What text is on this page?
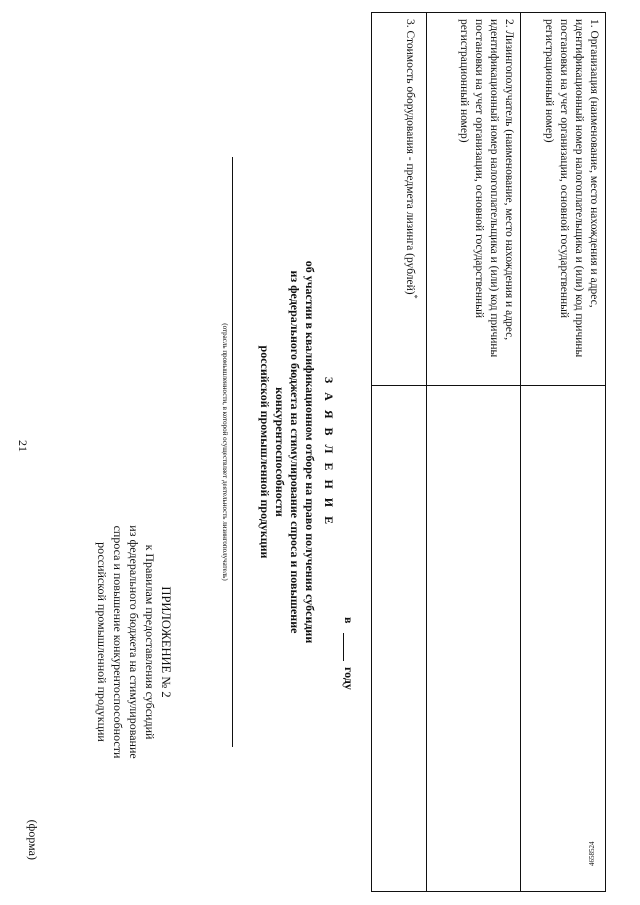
21
4658524
1. Организация (наименование, место нахождения и адрес, идентификационный номер налогоплательщика и (или) код причины постановки на учет организации, основной государственный регистрационный номер)	
2. Лизингополучатель (наименование, место нахождения и адрес, идентификационный номер налогоплательщика и (или) код причины постановки на учет организации, основной государственный регистрационный номер)	
3. Стоимость оборудования - предмета лизинга (рублей)*	
в
году
З А Я В Л Е Н И Е
об участии в квалификационном отборе на право получения субсидии
из федерального бюджета на стимулирование спроса и повышение конкурентоспособности
российской промышленной продукции
(отрасль промышленности, в которой осуществляет деятельность лизингополучатель)
ПРИЛОЖЕНИЕ № 2
к Правилам предоставления субсидий
из федерального бюджета на стимулирование
спроса и повышение конкурентоспособности
российской промышленной продукции
(форма)
